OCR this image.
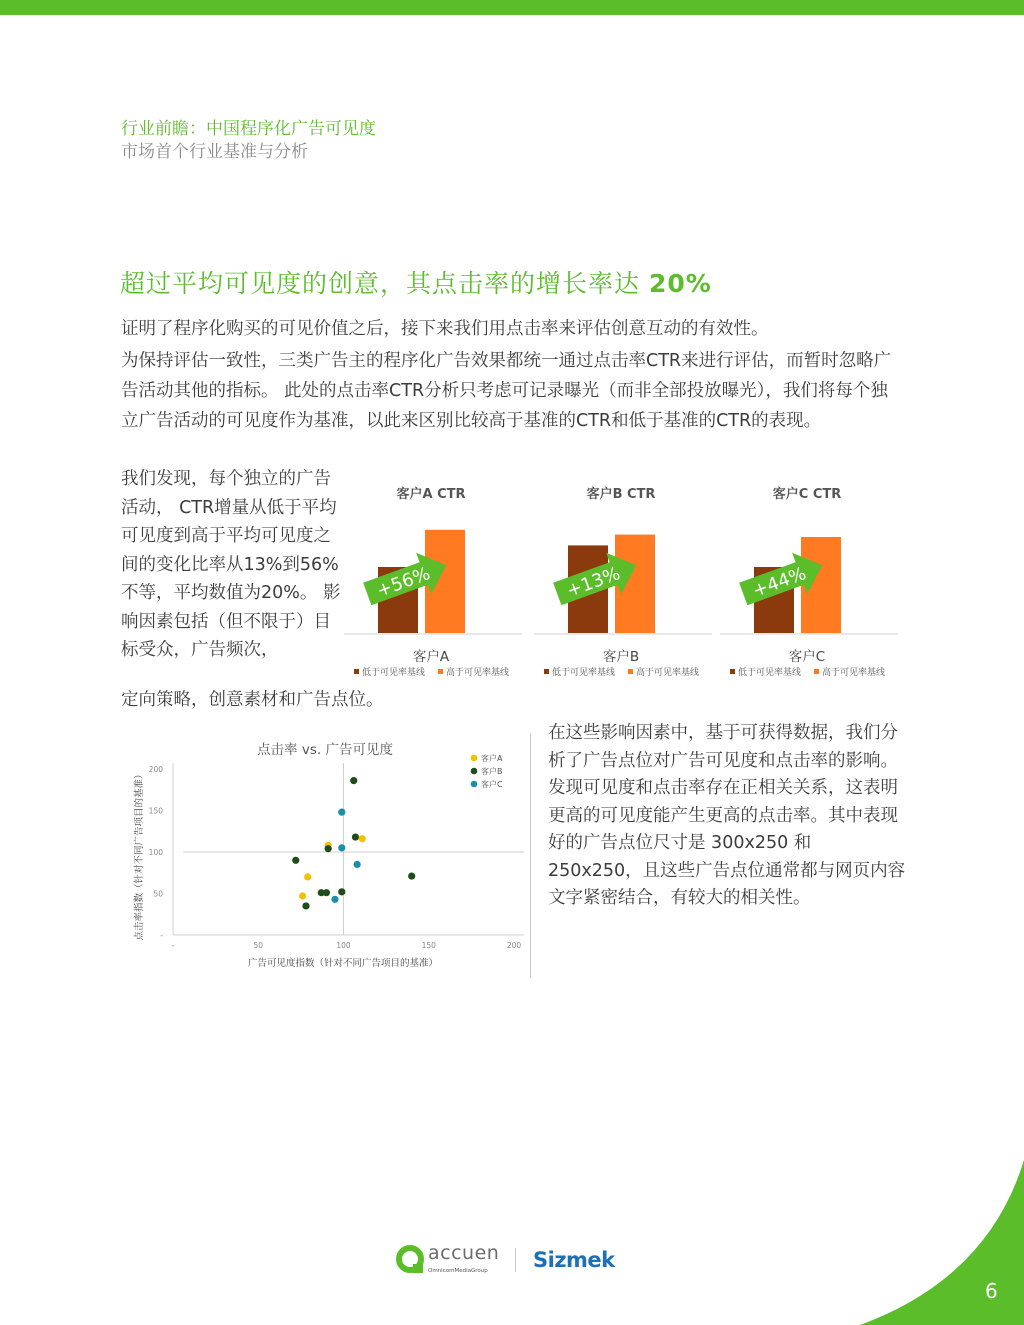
行业前瞻：中国程序化广告可见度
市场首个行业基准与分析
超过平均可见度的创意，其点击率的增长率达 20%

证明了程序化购买的可见价值之后，接下来我们用点击率来评估创意互动的有效性。

为保持评估一致性，三类广告主的程序化广告效果都统一通过点击率CTR来进行评估，而暂时忽略广告活动其他的指标。 此处的点击率CTR分析只考虑可记录曝光（而非全部投放曝光），我们将每个独立广告活动的可见度作为基准，以此来区别比较高于基准的CTR和低于基准的CTR的表现。

我们发现，每个独立的广告活动， CTR增量从低于平均可见度到高于平均可见度之间的变化比率从13%到56%不等，平均数值为20%。 影响因素包括（但不限于）目标受众，广告频次，
定向策略，创意素材和广告点位。
客户A CTR
+56%
客户A
低于可见率基线 高于可见率基线
客户B CTR
+13%
客户B
低于可见率基线 高于可见率基线
客户C CTR
+44%
客户C
低于可见率基线 高于可见率基线
点击率 vs. 广告可见度
-	50	100	150	200
-
50
100
150
200
广告可见度指数（针对不同广告项目的基准）
点击率指数（针对不同广告项目的基准）
客户A
客户B
客户C

在这些影响因素中，基于可获得数据，我们分析了广告点位对广告可见度和点击率的影响。发现可见度和点击率存在正相关关系，这表明更高的可见度能产生更高的点击率。其中表现好的广告点位尺寸是 300x250 和 250x250，且这些广告点位通常都与网页内容文字紧密结合，有较大的相关性。

accuen
OmnicomMediaGroup Sizmek
6
